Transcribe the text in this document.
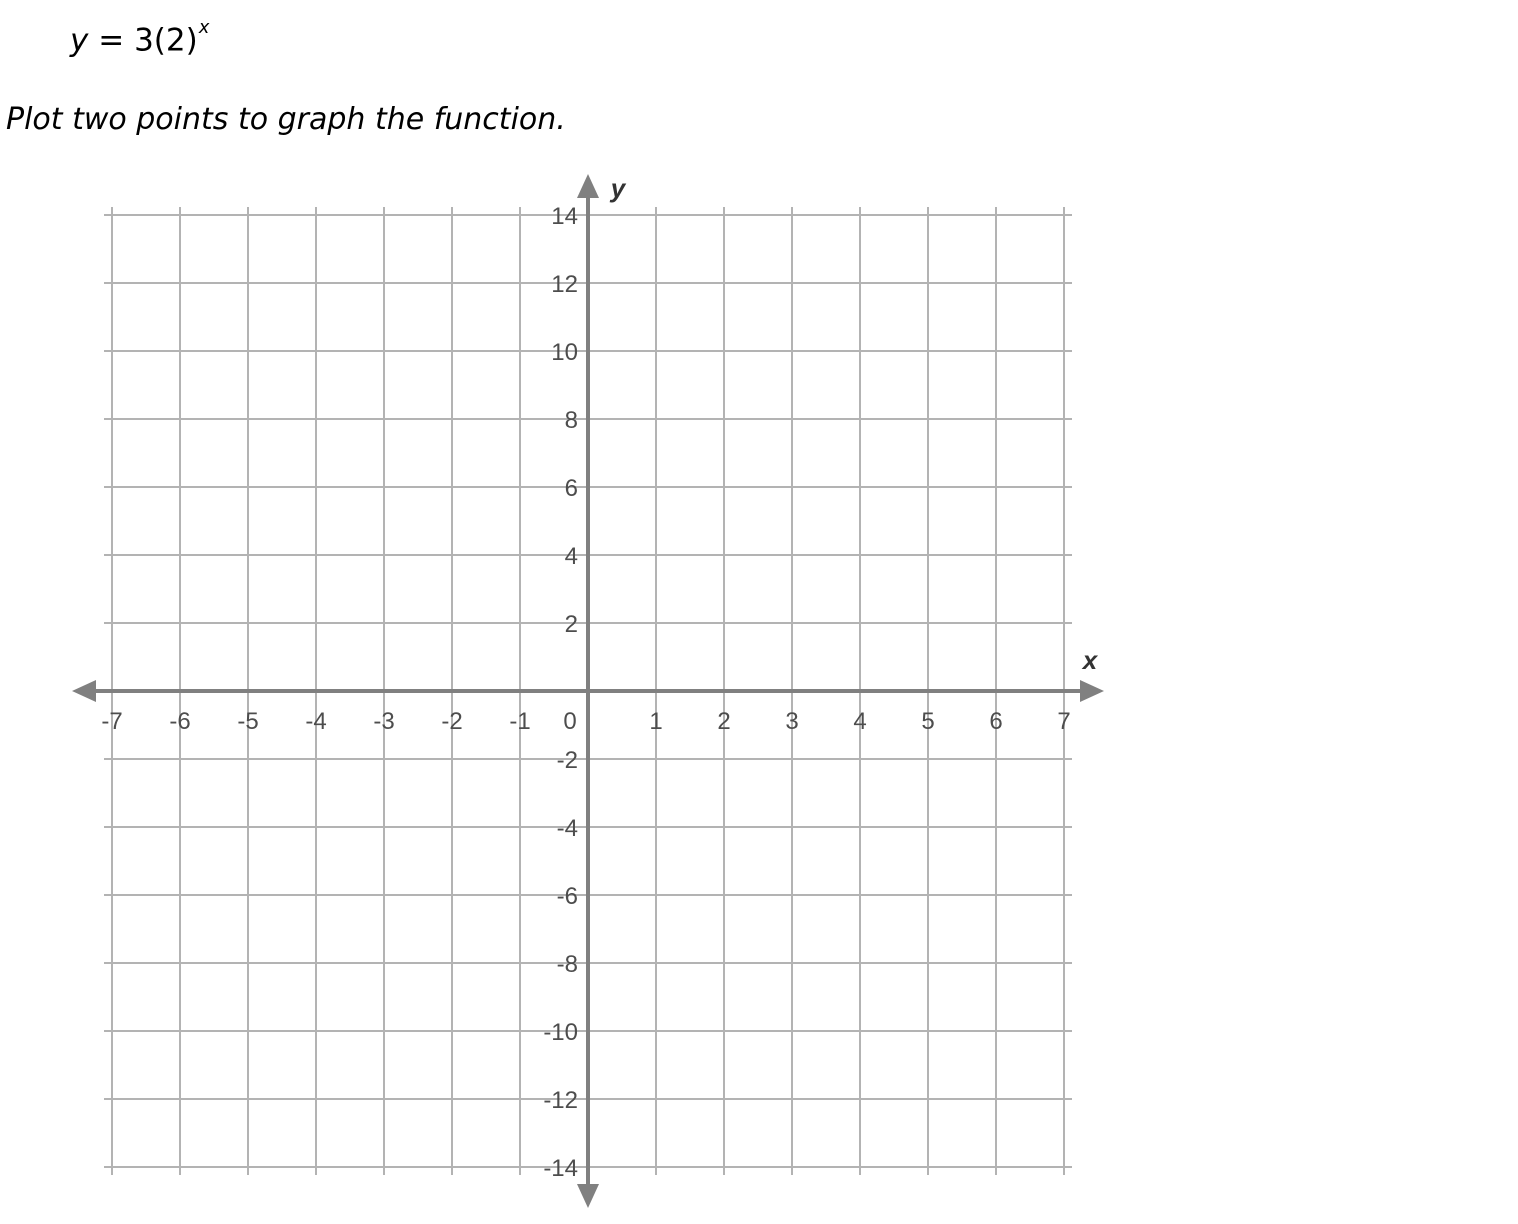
$y = 3(2)^x$
Plot two points to graph the function.
x
y
-7 -6 -5 -4 -3 -2 -1	1 2 3 4 5 6 7
-14
-12
-10
-8
-6
-4
-2
2
4
6
8
10
12
14
0
